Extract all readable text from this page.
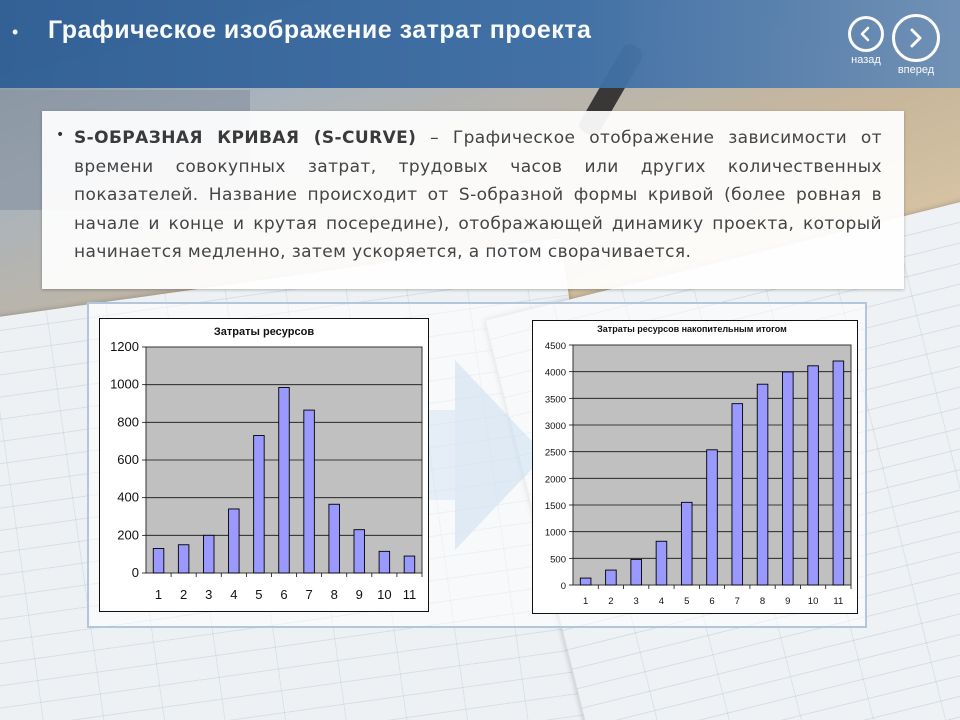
• Графическое изображение затрат проекта
назад
вперед
• S-ОБРАЗНАЯ КРИВАЯ (S-CURVE) – Графическое отображение зависимости от времени совокупных затрат, трудовых часов или других количественных показателей. Название происходит от S-образной формы кривой (более ровная в начале и конце и крутая посередине), отображающей динамику проекта, который начинается медленно, затем ускоряется, а потом сворачивается.

Затраты ресурсов
0
200
400
600
800
1000
1200
1 2 3 4 5 6 7 8 9 10 11
Затраты ресурсов накопительным итогом
0
500
1000
1500
2000
2500
3000
3500
4000
4500
1 2 3 4 5 6 7 8 9 10 11
